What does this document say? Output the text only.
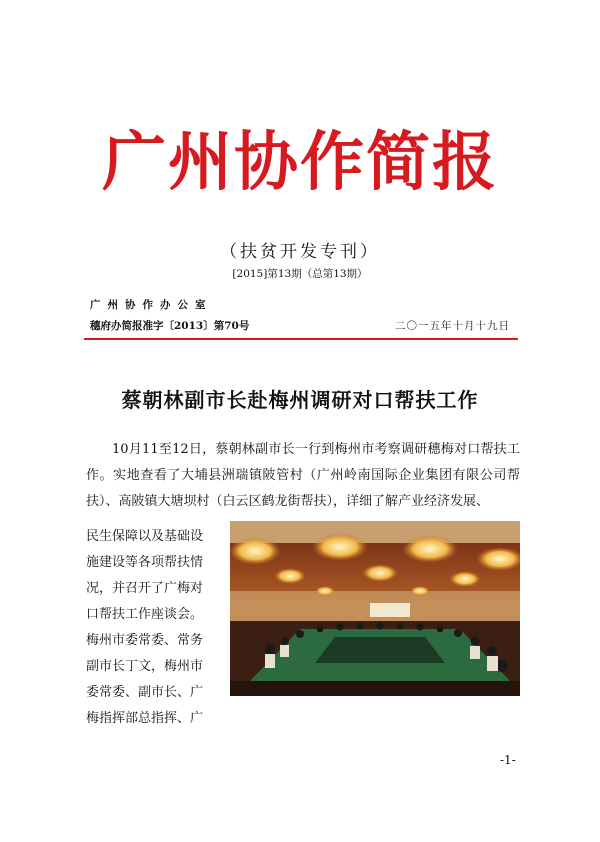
广州协作简报
（扶贫开发专刊）
[2015]第13期（总第13期）
广州协作办公室
穗府办简报准字〔2013〕第70号	二〇一五年十月十九日
蔡朝林副市长赴梅州调研对口帮扶工作
10月11至12日，蔡朝林副市长一行到梅州市考察调研穗梅对口帮扶工作。实地查看了大埔县洲瑞镇陂管村（广州岭南国际企业集团有限公司帮扶）、高陂镇大塘坝村（白云区鹤龙街帮扶），详细了解产业经济发展、
民生保障以及基础设
施建设等各项帮扶情
况，并召开了广梅对
口帮扶工作座谈会。
梅州市委常委、常务
副市长丁文，梅州市
委常委、副市长、广
梅指挥部总指挥、广
-1-
